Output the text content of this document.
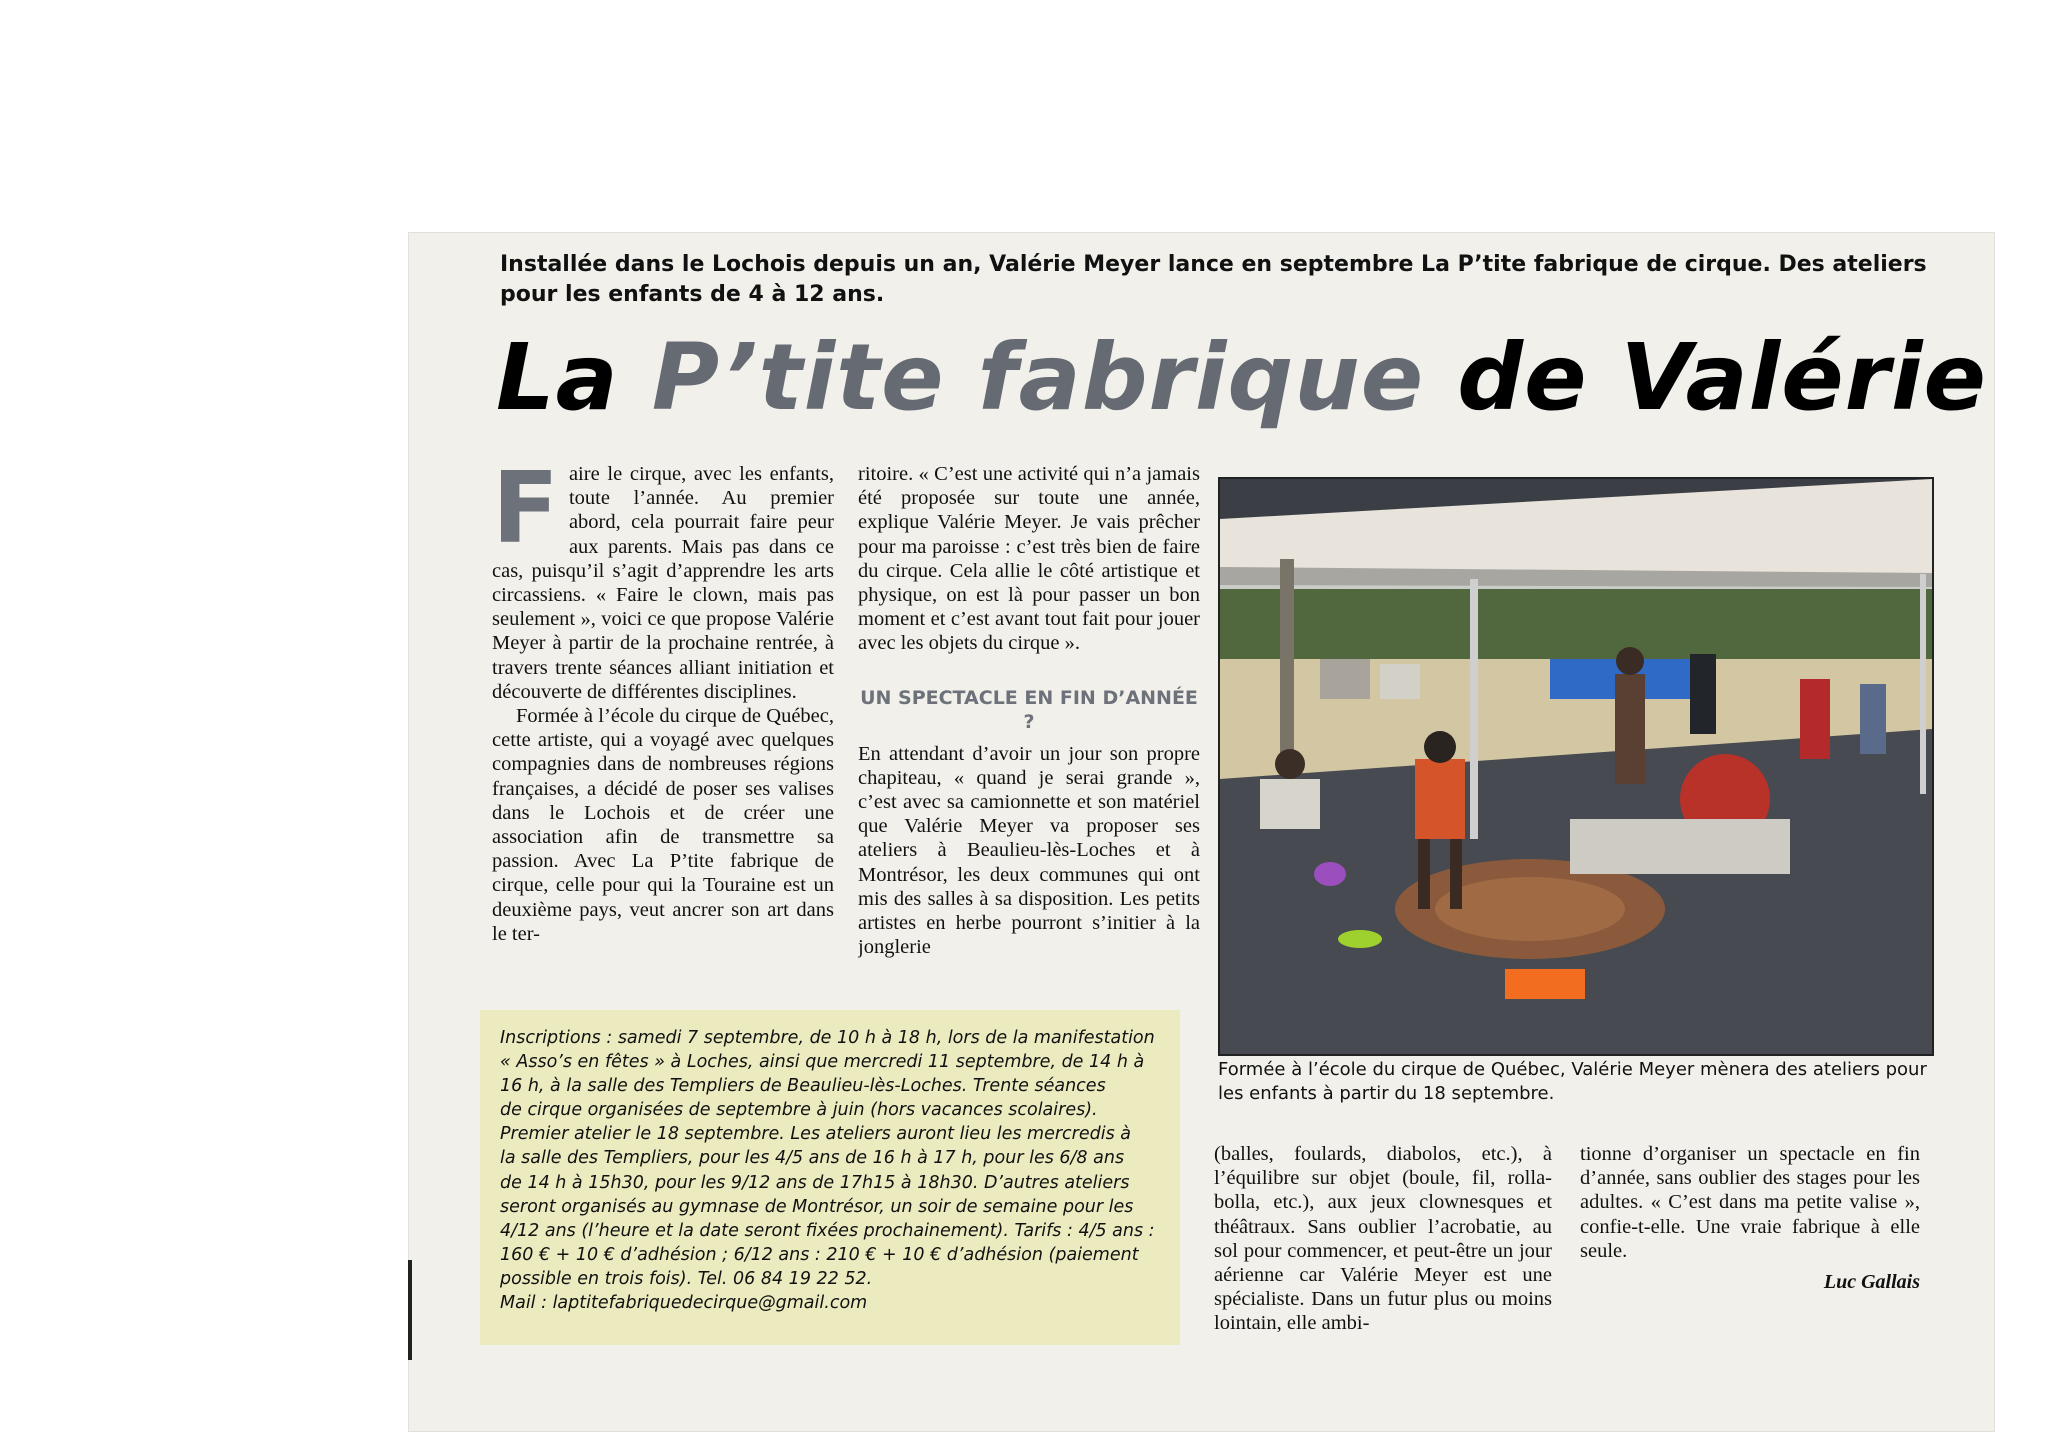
Installée dans le Lochois depuis un an, Valérie Meyer lance en septembre La P’tite fabrique de cirque. Des ateliers pour les enfants de 4 à 12 ans.
La P’tite fabrique de Valérie
F aire le cirque, avec les enfants, toute l’année. Au premier abord, cela pourrait faire peur aux parents. Mais pas dans ce cas, puisqu’il s’agit d’apprendre les arts circassiens. « Faire le clown, mais pas seulement », voici ce que propose Valérie Meyer à partir de la prochaine rentrée, à travers trente séances alliant initiation et découverte de différentes disciplines.

Formée à l’école du cirque de Québec, cette artiste, qui a voyagé avec quelques compagnies dans de nombreuses régions françaises, a décidé de poser ses valises dans le Lochois et de créer une association afin de transmettre sa passion. Avec La P’tite fabrique de cirque, celle pour qui la Touraine est un deuxième pays, veut ancrer son art dans le ter-

ritoire. « C’est une activité qui n’a jamais été proposée sur toute une année, explique Valérie Meyer. Je vais prêcher pour ma paroisse : c’est très bien de faire du cirque. Cela allie le côté artistique et physique, on est là pour passer un bon moment et c’est avant tout fait pour jouer avec les objets du cirque ».

UN SPECTACLE EN FIN D’ANNÉE ?

En attendant d’avoir un jour son propre chapiteau, « quand je serai grande », c’est avec sa camionnette et son matériel que Valérie Meyer va proposer ses ateliers à Beaulieu-lès-Loches et à Montrésor, les deux communes qui ont mis des salles à sa disposition. Les petits artistes en herbe pourront s’initier à la jonglerie

Formée à l’école du cirque de Québec, Valérie Meyer mènera des ateliers pour les enfants à partir du 18 septembre.

(balles, foulards, diabolos, etc.), à l’équilibre sur objet (boule, fil, rolla-bolla, etc.), aux jeux clownesques et théâtraux. Sans oublier l’acrobatie, au sol pour commencer, et peut-être un jour aérienne car Valérie Meyer est une spécialiste. Dans un futur plus ou moins lointain, elle ambi-

tionne d’organiser un spectacle en fin d’année, sans oublier des stages pour les adultes. « C’est dans ma petite valise », confie-t-elle. Une vraie fabrique à elle seule.

Luc Gallais
Inscriptions : samedi 7 septembre, de 10 h à 18 h, lors de la manifestation
« Asso’s en fêtes » à Loches, ainsi que mercredi 11 septembre, de 14 h à
16 h, à la salle des Templiers de Beaulieu-lès-Loches. Trente séances
de cirque organisées de septembre à juin (hors vacances scolaires).
Premier atelier le 18 septembre. Les ateliers auront lieu les mercredis à
la salle des Templiers, pour les 4/5 ans de 16 h à 17 h, pour les 6/8 ans
de 14 h à 15h30, pour les 9/12 ans de 17h15 à 18h30. D’autres ateliers
seront organisés au gymnase de Montrésor, un soir de semaine pour les
4/12 ans (l’heure et la date seront fixées prochainement). Tarifs : 4/5 ans :
160 € + 10 € d’adhésion ; 6/12 ans : 210 € + 10 € d’adhésion (paiement
possible en trois fois). Tel. 06 84 19 22 52.
Mail : laptitefabriquedecirque@gmail.com
